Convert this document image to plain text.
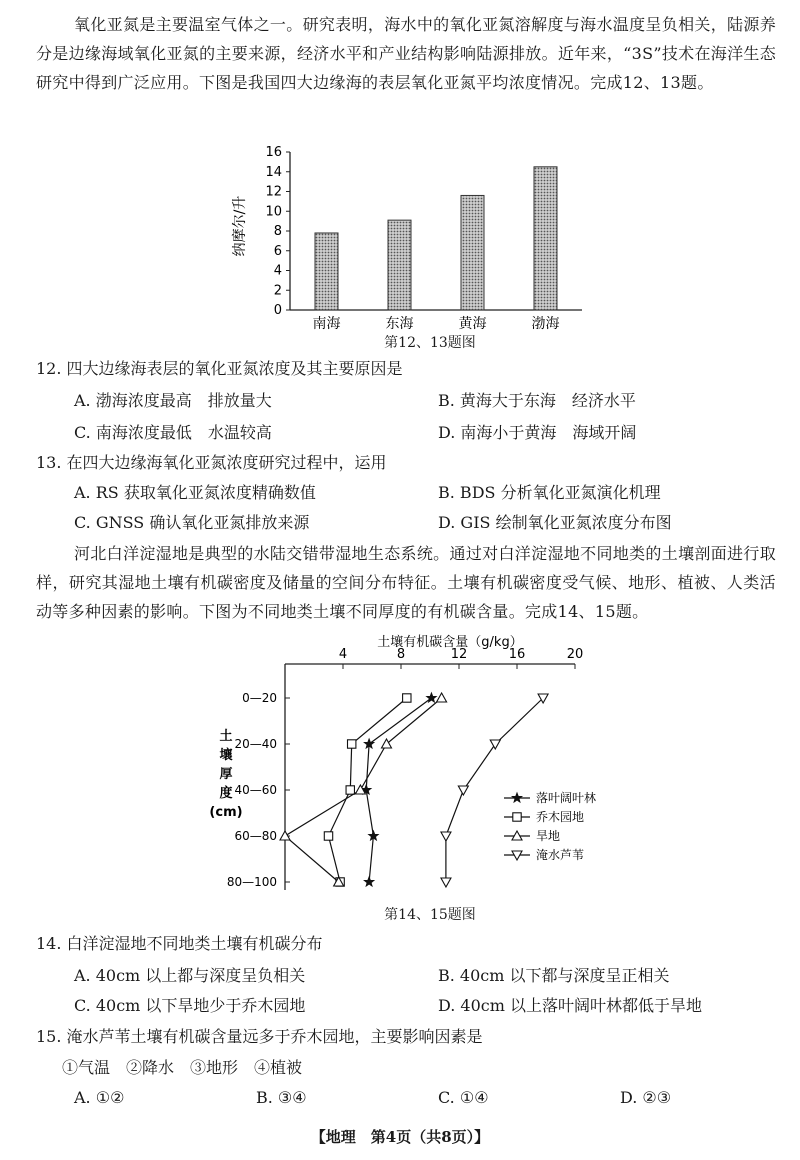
氧化亚氮是主要温室气体之一。研究表明，海水中的氧化亚氮溶解度与海水温度呈负相关，陆源养分是边缘海域氧化亚氮的主要来源，经济水平和产业结构影响陆源排放。近年来，“3S”技术在海洋生态研究中得到广泛应用。下图是我国四大边缘海的表层氧化亚氮平均浓度情况。完成12、13题。
0
2
4
6
8
10
12
14
16
南海	东海	黄海	渤海
纳摩尔/升
第12、13题图
12. 四大边缘海表层的氧化亚氮浓度及其主要原因是
A. 渤海浓度最高　排放量大	B. 黄海大于东海　经济水平
C. 南海浓度最低　水温较高	D. 南海小于黄海　海域开阔
13. 在四大边缘海氧化亚氮浓度研究过程中，运用
A. RS 获取氧化亚氮浓度精确数值	B. BDS 分析氧化亚氮演化机理
C. GNSS 确认氧化亚氮排放来源	D. GIS 绘制氧化亚氮浓度分布图
河北白洋淀湿地是典型的水陆交错带湿地生态系统。通过对白洋淀湿地不同地类的土壤剖面进行取样，研究其湿地土壤有机碳密度及储量的空间分布特征。土壤有机碳密度受气候、地形、植被、人类活动等多种因素的影响。下图为不同地类土壤不同厚度的有机碳含量。完成14、15题。
土壤有机碳含量（g/kg）
4	8	12	16	20
0—20
20—40
40—60
60—80
80—100
土
壤
厚
度
(cm)
落叶阔叶林
乔木园地
旱地
淹水芦苇
第14、15题图
14. 白洋淀湿地不同地类土壤有机碳分布
A. 40cm 以上都与深度呈负相关	B. 40cm 以下都与深度呈正相关
C. 40cm 以下旱地少于乔木园地	D. 40cm 以上落叶阔叶林都低于旱地
15. 淹水芦苇土壤有机碳含量远多于乔木园地，主要影响因素是
①气温　②降水　③地形　④植被
A. ①②	B. ③④	C. ①④	D. ②③
【地理　第4页（共8页）】
